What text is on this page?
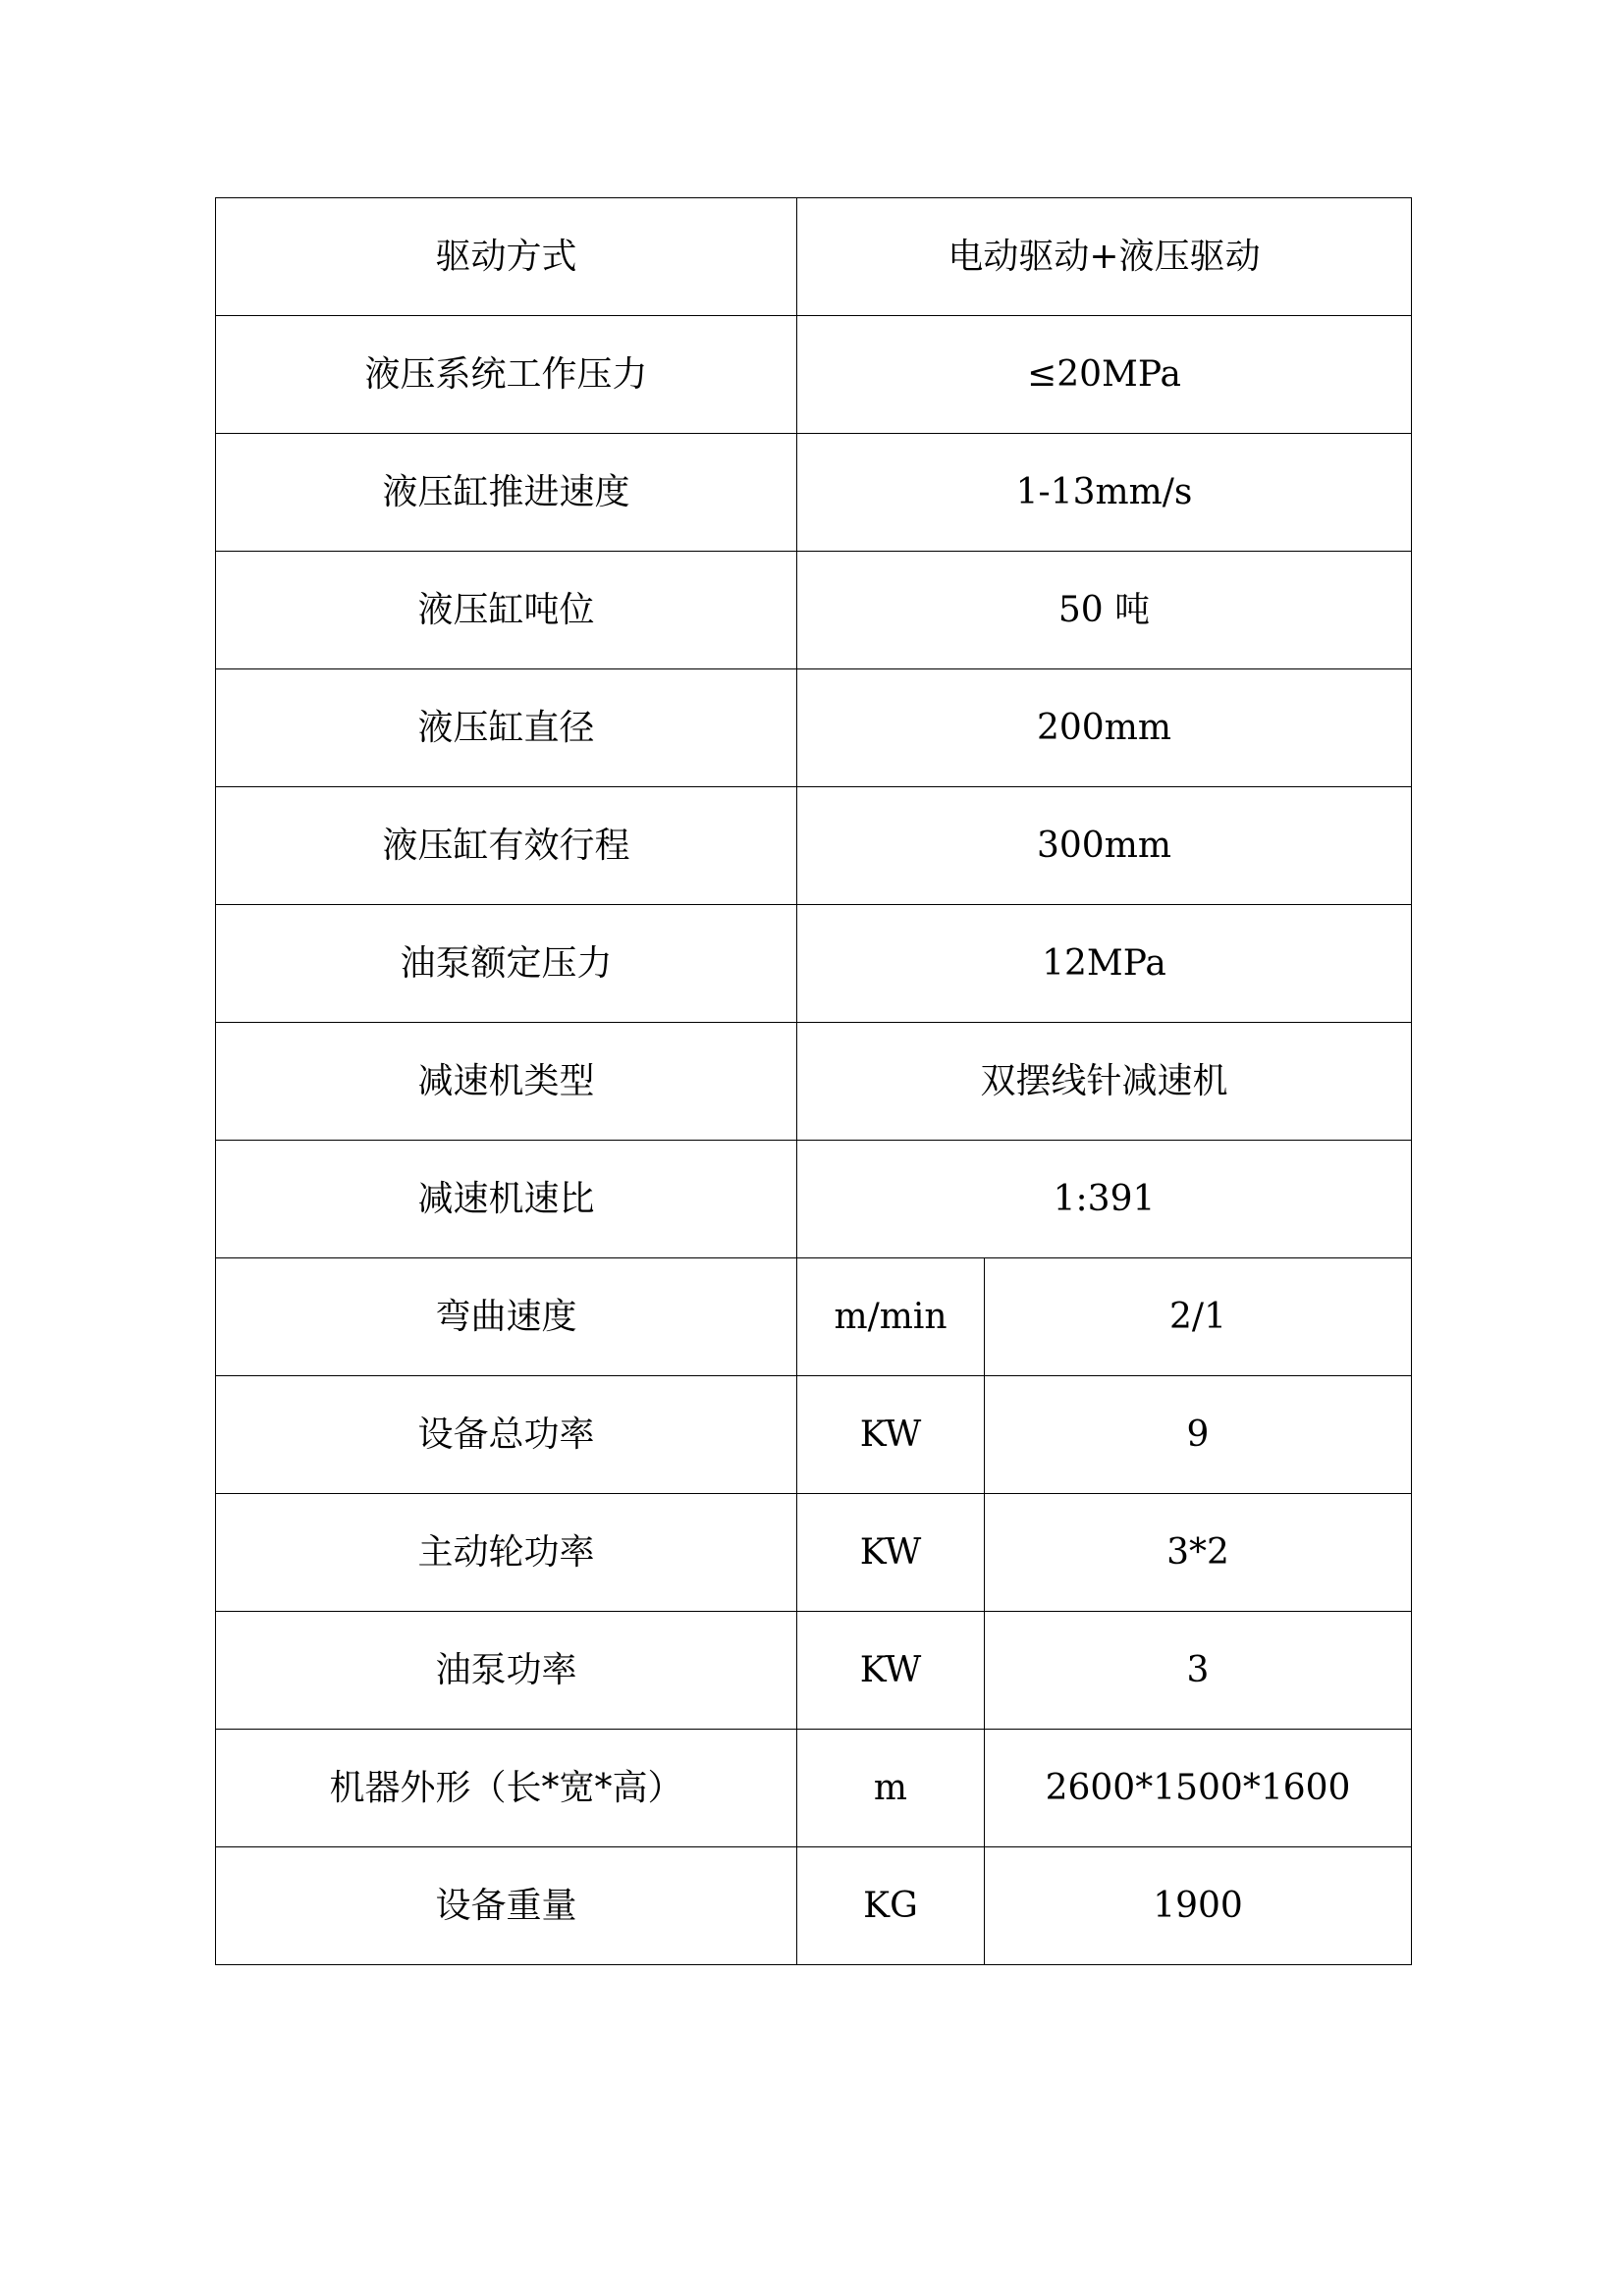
驱动方式	电动驱动+液压驱动	
液压系统工作压力	≤20MPa	
液压缸推进速度	1-13mm/s	
液压缸吨位	50 吨	
液压缸直径	200mm	
液压缸有效行程	300mm	
油泵额定压力	12MPa	
减速机类型	双摆线针减速机	
减速机速比	1:391	
弯曲速度	m/min	2/1
设备总功率	KW	9
主动轮功率	KW	3*2
油泵功率	KW	3
机器外形（长*宽*高）	m	2600*1500*1600
设备重量	KG	1900
